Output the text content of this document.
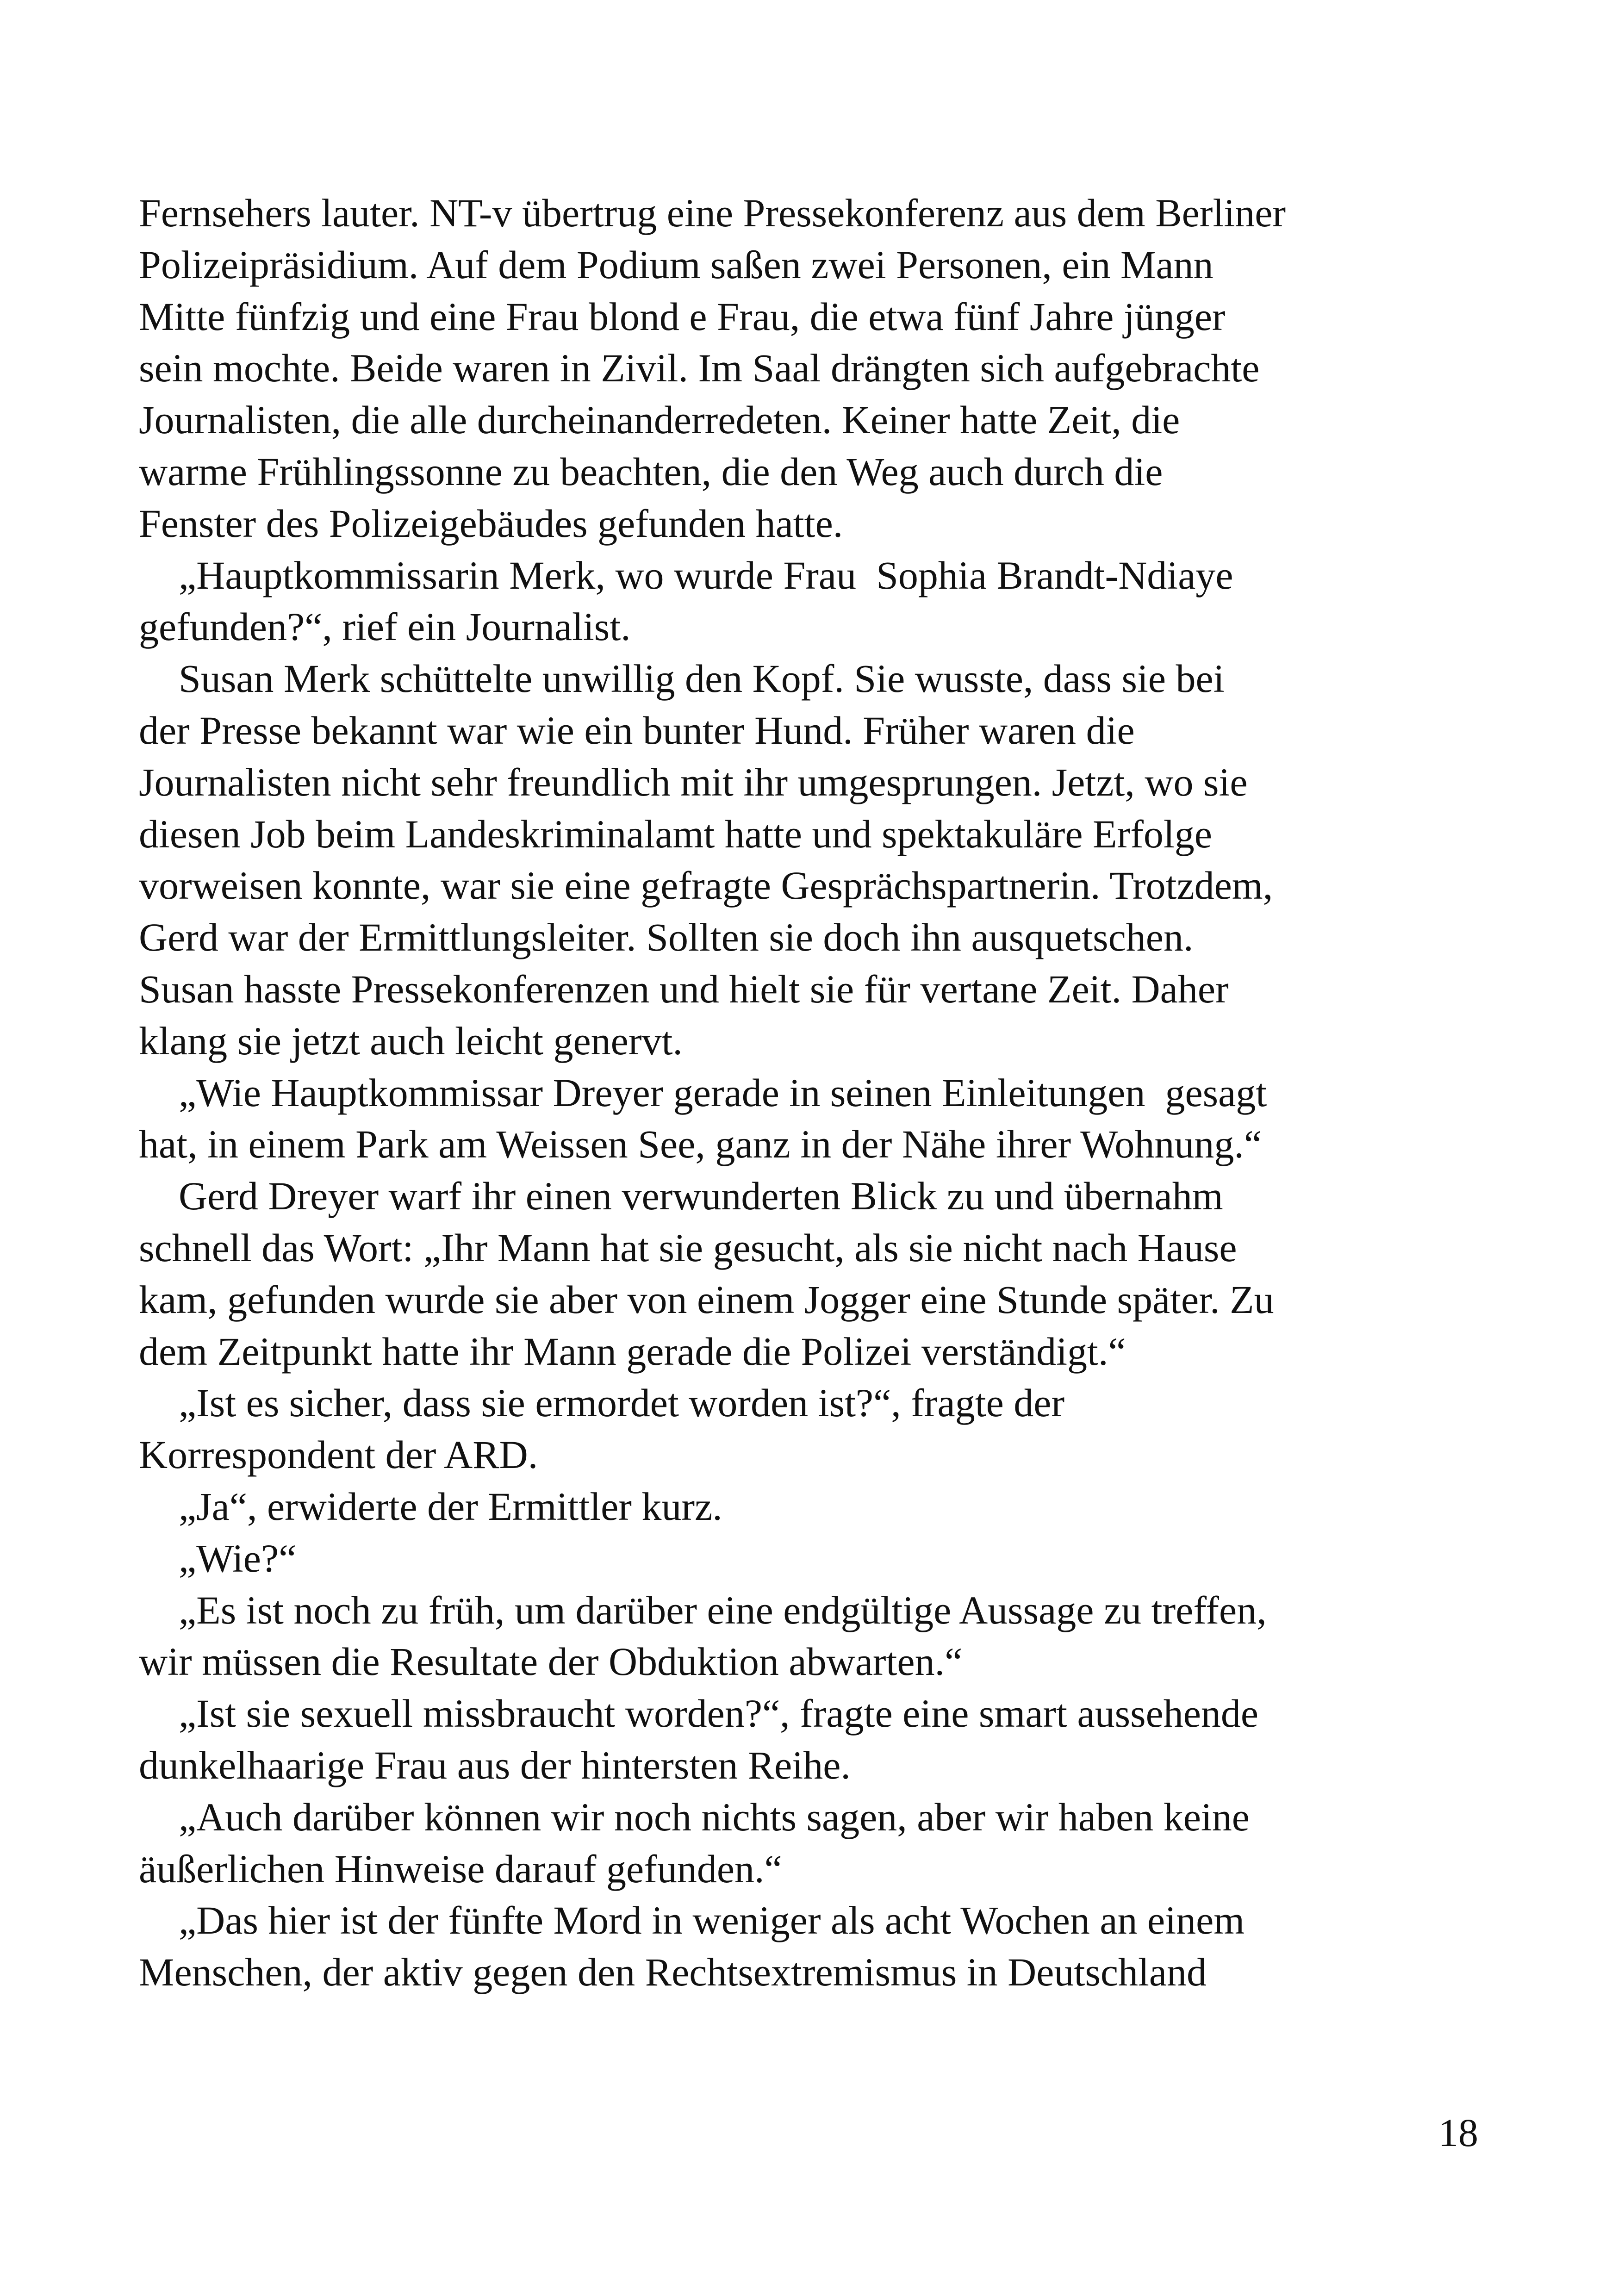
Fernsehers lauter. NT-v übertrug eine Pressekonferenz aus dem Berliner
Polizeipräsidium. Auf dem Podium saßen zwei Personen, ein Mann
Mitte fünfzig und eine Frau blond e Frau, die etwa fünf Jahre jünger
sein mochte. Beide waren in Zivil. Im Saal drängten sich aufgebrachte
Journalisten, die alle durcheinanderredeten. Keiner hatte Zeit, die
warme Frühlingssonne zu beachten, die den Weg auch durch die
Fenster des Polizeigebäudes gefunden hatte.
„Hauptkommissarin Merk, wo wurde Frau  Sophia Brandt-Ndiaye
gefunden?“, rief ein Journalist.
Susan Merk schüttelte unwillig den Kopf. Sie wusste, dass sie bei
der Presse bekannt war wie ein bunter Hund. Früher waren die
Journalisten nicht sehr freundlich mit ihr umgesprungen. Jetzt, wo sie
diesen Job beim Landeskriminalamt hatte und spektakuläre Erfolge
vorweisen konnte, war sie eine gefragte Gesprächspartnerin. Trotzdem,
Gerd war der Ermittlungsleiter. Sollten sie doch ihn ausquetschen.
Susan hasste Pressekonferenzen und hielt sie für vertane Zeit. Daher
klang sie jetzt auch leicht genervt.
„Wie Hauptkommissar Dreyer gerade in seinen Einleitungen  gesagt
hat, in einem Park am Weissen See, ganz in der Nähe ihrer Wohnung.“
Gerd Dreyer warf ihr einen verwunderten Blick zu und übernahm
schnell das Wort: „Ihr Mann hat sie gesucht, als sie nicht nach Hause
kam, gefunden wurde sie aber von einem Jogger eine Stunde später. Zu
dem Zeitpunkt hatte ihr Mann gerade die Polizei verständigt.“
„Ist es sicher, dass sie ermordet worden ist?“, fragte der
Korrespondent der ARD.
„Ja“, erwiderte der Ermittler kurz.
„Wie?“
„Es ist noch zu früh, um darüber eine endgültige Aussage zu treffen,
wir müssen die Resultate der Obduktion abwarten.“
„Ist sie sexuell missbraucht worden?“, fragte eine smart aussehende
dunkelhaarige Frau aus der hintersten Reihe.
„Auch darüber können wir noch nichts sagen, aber wir haben keine
äußerlichen Hinweise darauf gefunden.“
„Das hier ist der fünfte Mord in weniger als acht Wochen an einem
Menschen, der aktiv gegen den Rechtsextremismus in Deutschland
18
